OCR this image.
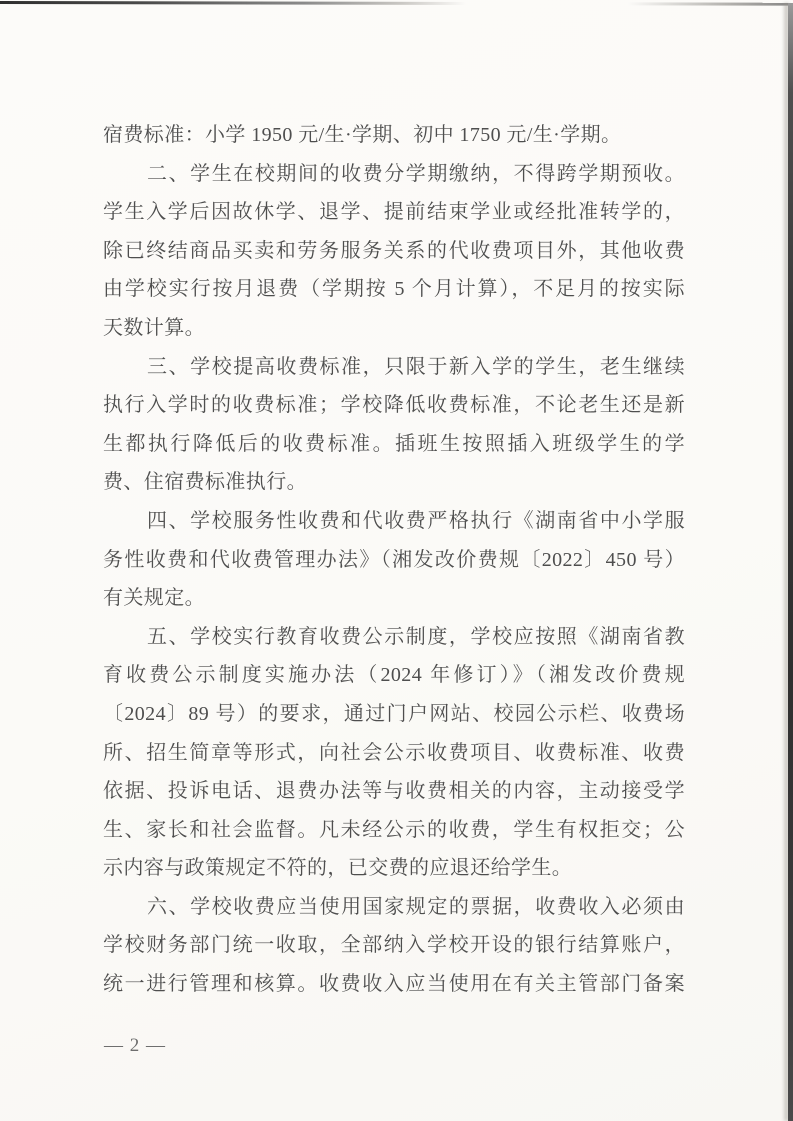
宿费标准：小学 1950 元/生·学期、初中 1750 元/生·学期。
二、学生在校期间的收费分学期缴纳，不得跨学期预收。
学生入学后因故休学、退学、提前结束学业或经批准转学的，
除已终结商品买卖和劳务服务关系的代收费项目外，其他收费
由学校实行按月退费（学期按 5 个月计算），不足月的按实际
天数计算。
三、学校提高收费标准，只限于新入学的学生，老生继续
执行入学时的收费标准；学校降低收费标准，不论老生还是新
生都执行降低后的收费标准。插班生按照插入班级学生的学
费、住宿费标准执行。
四、学校服务性收费和代收费严格执行《湖南省中小学服
务性收费和代收费管理办法》（湘发改价费规〔2022〕450 号）
有关规定。
五、学校实行教育收费公示制度，学校应按照《湖南省教
育收费公示制度实施办法（2024 年修订）》（湘发改价费规
〔2024〕89 号）的要求，通过门户网站、校园公示栏、收费场
所、招生简章等形式，向社会公示收费项目、收费标准、收费
依据、投诉电话、退费办法等与收费相关的内容，主动接受学
生、家长和社会监督。凡未经公示的收费，学生有权拒交；公
示内容与政策规定不符的，已交费的应退还给学生。
六、学校收费应当使用国家规定的票据，收费收入必须由
学校财务部门统一收取，全部纳入学校开设的银行结算账户，
统一进行管理和核算。收费收入应当使用在有关主管部门备案
— 2 —
